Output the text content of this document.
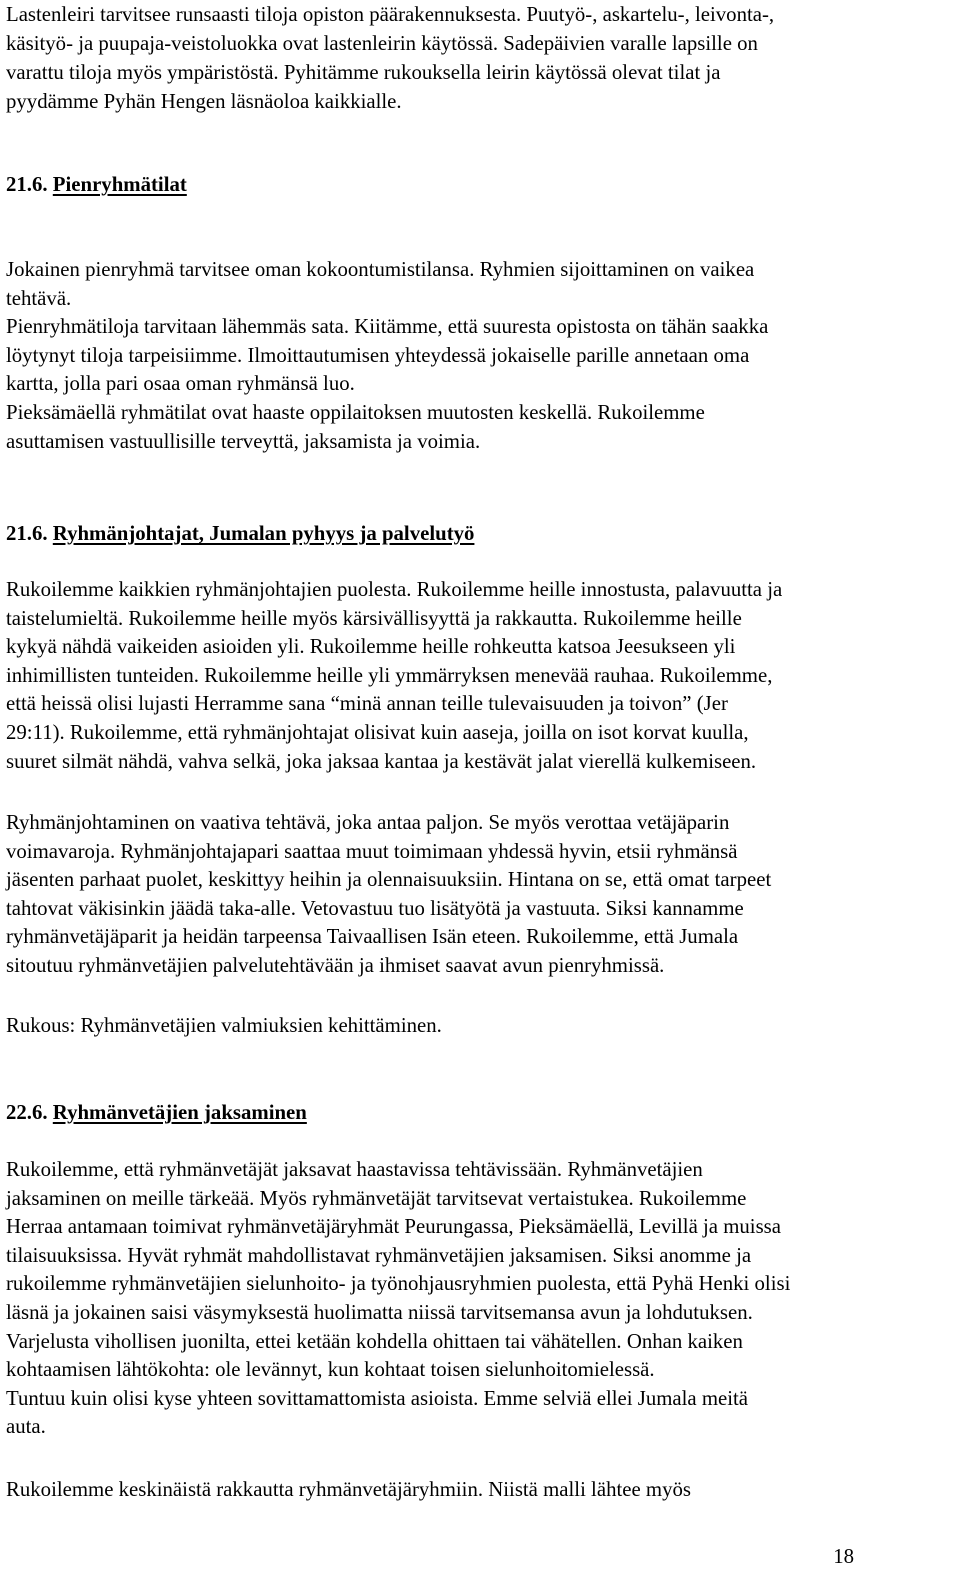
Lastenleiri tarvitsee runsaasti tiloja opiston päärakennuksesta. Puutyö-, askartelu-, leivonta-,
käsityö- ja puupaja-veistoluokka ovat lastenleirin käytössä. Sadepäivien varalle lapsille on
varattu tiloja myös ympäristöstä. Pyhitämme rukouksella leirin käytössä olevat tilat ja
pyydämme Pyhän Hengen läsnäoloa kaikkialle.

21.6. Pienryhmätilat

Jokainen pienryhmä tarvitsee oman kokoontumistilansa. Ryhmien sijoittaminen on vaikea
tehtävä.
Pienryhmätiloja tarvitaan lähemmäs sata. Kiitämme, että suuresta opistosta on tähän saakka
löytynyt tiloja tarpeisiimme. Ilmoittautumisen yhteydessä jokaiselle parille annetaan oma
kartta, jolla pari osaa oman ryhmänsä luo.
Pieksämäellä ryhmätilat ovat haaste oppilaitoksen muutosten keskellä. Rukoilemme
asuttamisen vastuullisille terveyttä, jaksamista ja voimia.

21.6. Ryhmänjohtajat, Jumalan pyhyys ja palvelutyö

Rukoilemme kaikkien ryhmänjohtajien puolesta. Rukoilemme heille innostusta, palavuutta ja
taistelumieltä. Rukoilemme heille myös kärsivällisyyttä ja rakkautta. Rukoilemme heille
kykyä nähdä vaikeiden asioiden yli. Rukoilemme heille rohkeutta katsoa Jeesukseen yli
inhimillisten tunteiden. Rukoilemme heille yli ymmärryksen menevää rauhaa. Rukoilemme,
että heissä olisi lujasti Herramme sana “minä annan teille tulevaisuuden ja toivon” (Jer
29:11). Rukoilemme, että ryhmänjohtajat olisivat kuin aaseja, joilla on isot korvat kuulla,
suuret silmät nähdä, vahva selkä, joka jaksaa kantaa ja kestävät jalat vierellä kulkemiseen.

Ryhmänjohtaminen on vaativa tehtävä, joka antaa paljon. Se myös verottaa vetäjäparin
voimavaroja. Ryhmänjohtajapari saattaa muut toimimaan yhdessä hyvin, etsii ryhmänsä
jäsenten parhaat puolet, keskittyy heihin ja olennaisuuksiin. Hintana on se, että omat tarpeet
tahtovat väkisinkin jäädä taka-alle. Vetovastuu tuo lisätyötä ja vastuuta. Siksi kannamme
ryhmänvetäjäparit ja heidän tarpeensa Taivaallisen Isän eteen. Rukoilemme, että Jumala
sitoutuu ryhmänvetäjien palvelutehtävään ja ihmiset saavat avun pienryhmissä.

Rukous: Ryhmänvetäjien valmiuksien kehittäminen.

22.6. Ryhmänvetäjien jaksaminen

Rukoilemme, että ryhmänvetäjät jaksavat haastavissa tehtävissään. Ryhmänvetäjien
jaksaminen on meille tärkeää. Myös ryhmänvetäjät tarvitsevat vertaistukea. Rukoilemme
Herraa antamaan toimivat ryhmänvetäjäryhmät Peurungassa, Pieksämäellä, Levillä ja muissa
tilaisuuksissa. Hyvät ryhmät mahdollistavat ryhmänvetäjien jaksamisen. Siksi anomme ja
rukoilemme ryhmänvetäjien sielunhoito- ja työnohjausryhmien puolesta, että Pyhä Henki olisi
läsnä ja jokainen saisi väsymyksestä huolimatta niissä tarvitsemansa avun ja lohdutuksen.
Varjelusta vihollisen juonilta, ettei ketään kohdella ohittaen tai vähätellen. Onhan kaiken
kohtaamisen lähtökohta: ole levännyt, kun kohtaat toisen sielunhoitomielessä.
Tuntuu kuin olisi kyse yhteen sovittamattomista asioista. Emme selviä ellei Jumala meitä
auta.

Rukoilemme keskinäistä rakkautta ryhmänvetäjäryhmiin. Niistä malli lähtee myös

18
